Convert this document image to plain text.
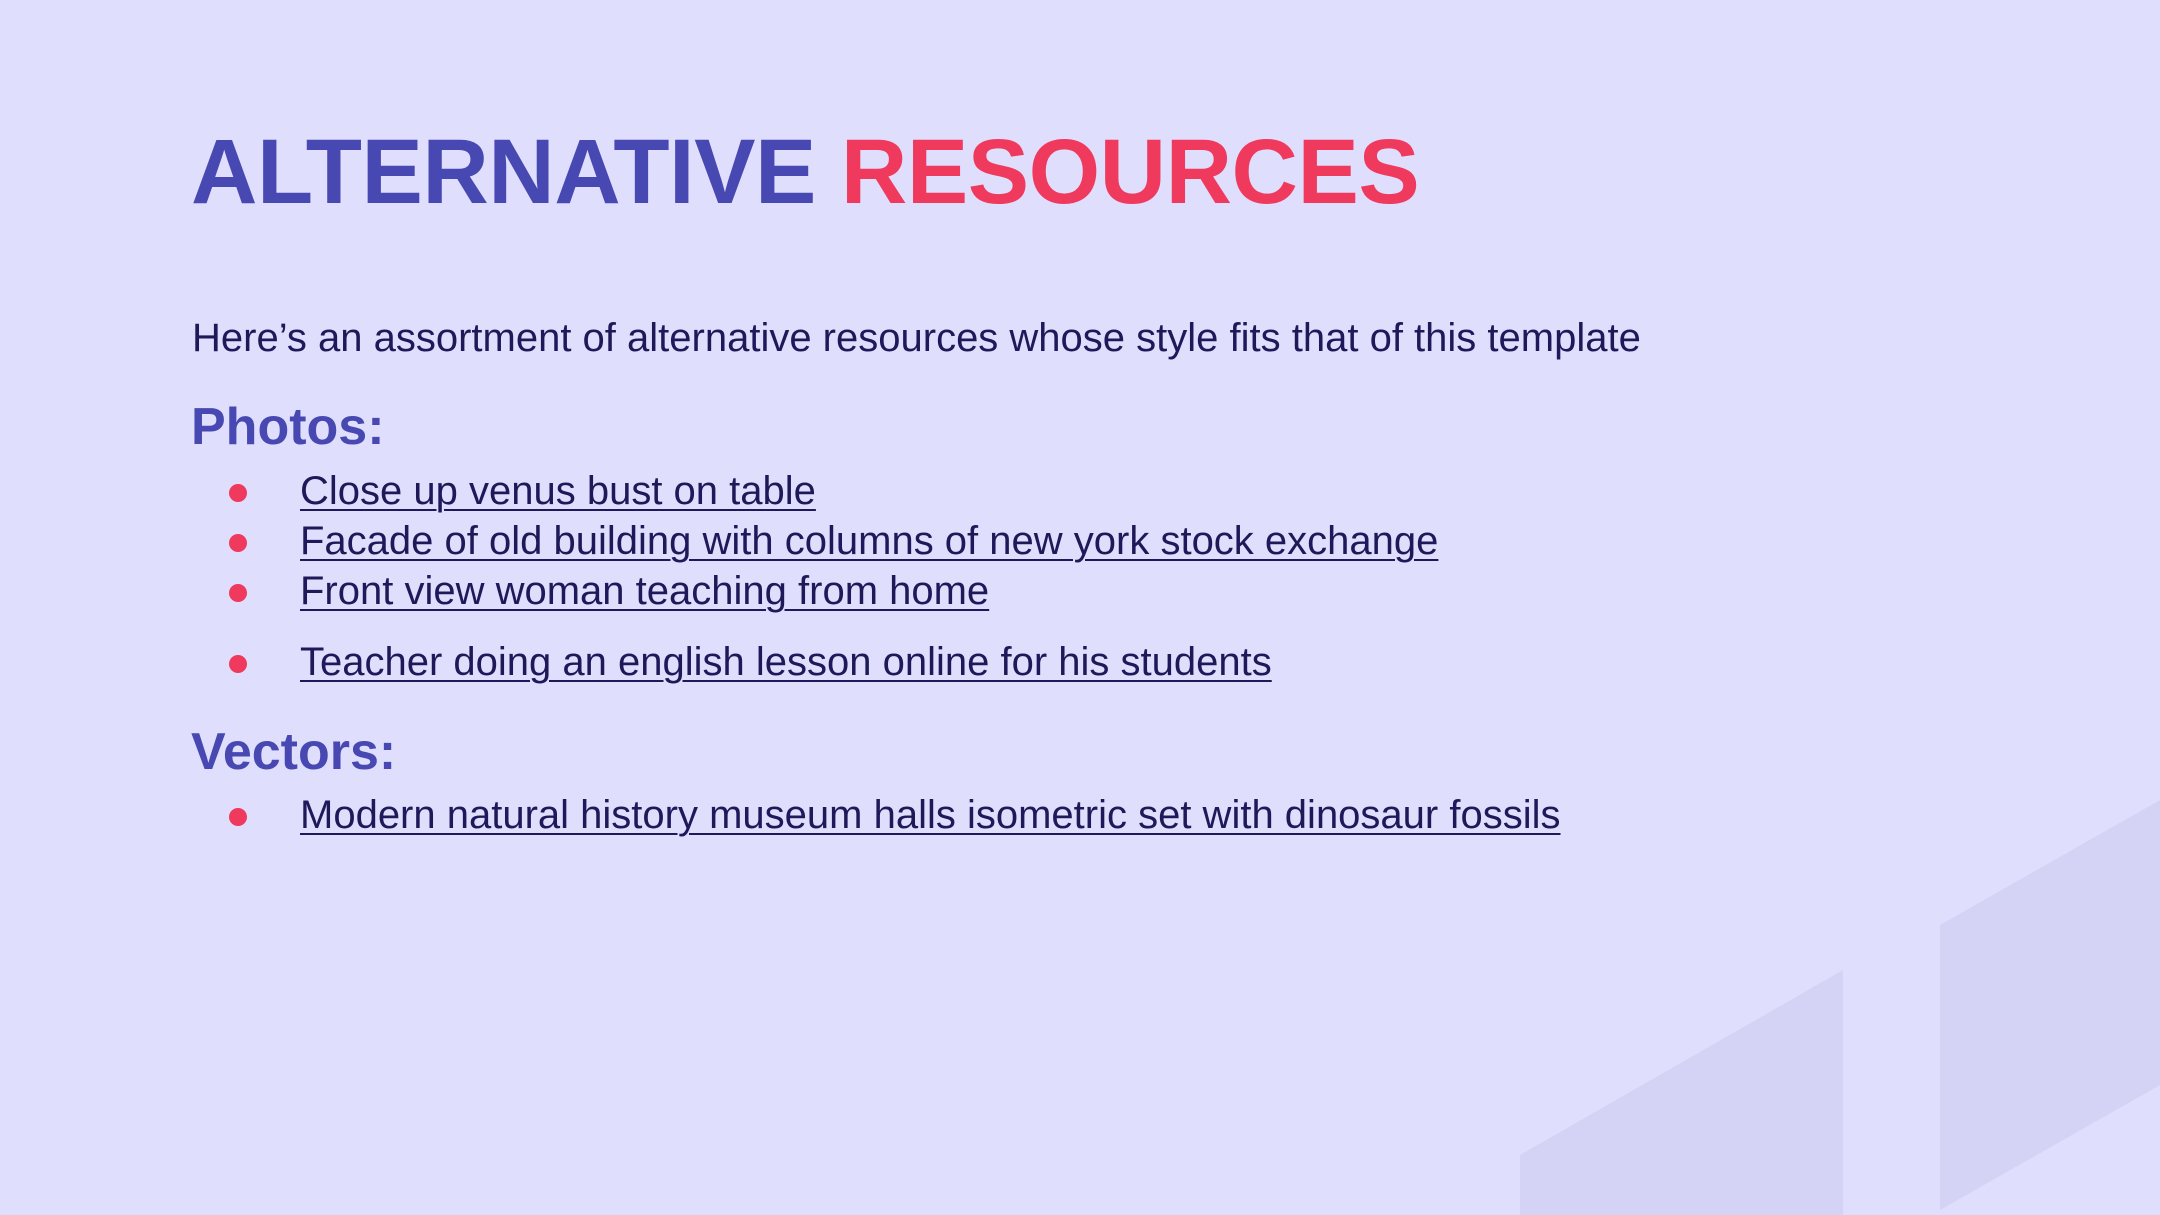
ALTERNATIVE RESOURCES

Here’s an assortment of alternative resources whose style fits that of this template

Photos:
Close up venus bust on table
Facade of old building with columns of new york stock exchange
Front view woman teaching from home
Teacher doing an english lesson online for his students
Vectors:
Modern natural history museum halls isometric set with dinosaur fossils
